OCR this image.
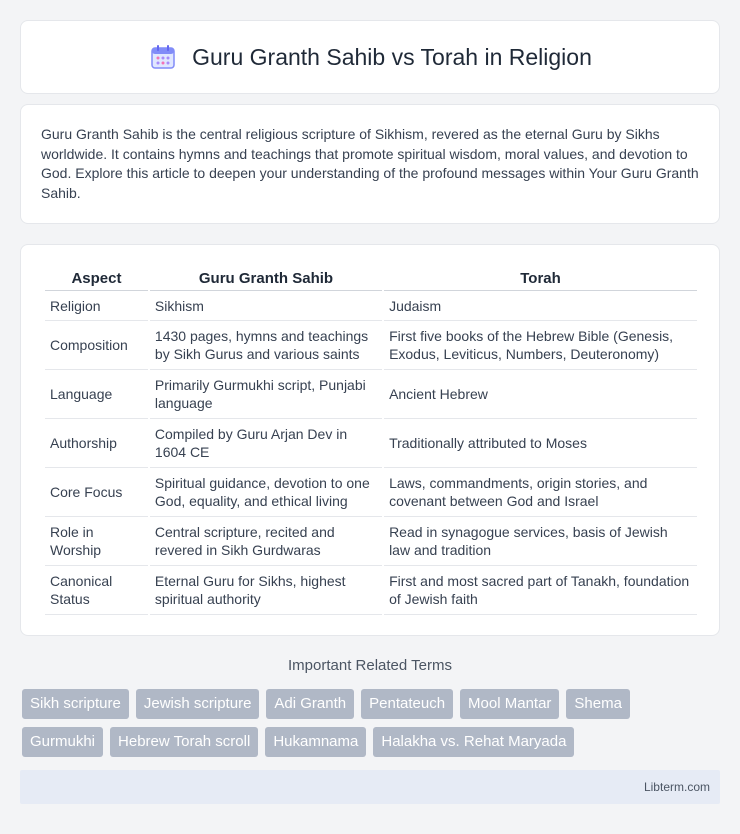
Guru Granth Sahib vs Torah in Religion

Guru Granth Sahib is the central religious scripture of Sikhism, revered as the eternal Guru by Sikhs worldwide. It contains hymns and teachings that promote spiritual wisdom, moral values, and devotion to God. Explore this article to deepen your understanding of the profound messages within Your Guru Granth Sahib.

Aspect	Guru Granth Sahib	Torah
Religion	Sikhism	Judaism
Composition	1430 pages, hymns and teachings by Sikh Gurus and various saints	First five books of the Hebrew Bible (Genesis, Exodus, Leviticus, Numbers, Deuteronomy)
Language	Primarily Gurmukhi script, Punjabi language	Ancient Hebrew
Authorship	Compiled by Guru Arjan Dev in 1604 CE	Traditionally attributed to Moses
Core Focus	Spiritual guidance, devotion to one God, equality, and ethical living	Laws, commandments, origin stories, and covenant between God and Israel
Role in Worship	Central scripture, recited and revered in Sikh Gurdwaras	Read in synagogue services, basis of Jewish law and tradition
Canonical Status	Eternal Guru for Sikhs, highest spiritual authority	First and most sacred part of Tanakh, foundation of Jewish faith
Important Related Terms
Sikh scripture	Jewish scripture	Adi Granth	Pentateuch	Mool Mantar	Shema
Gurmukhi	Hebrew Torah scroll	Hukamnama	Halakha vs. Rehat Maryada
Libterm.com
